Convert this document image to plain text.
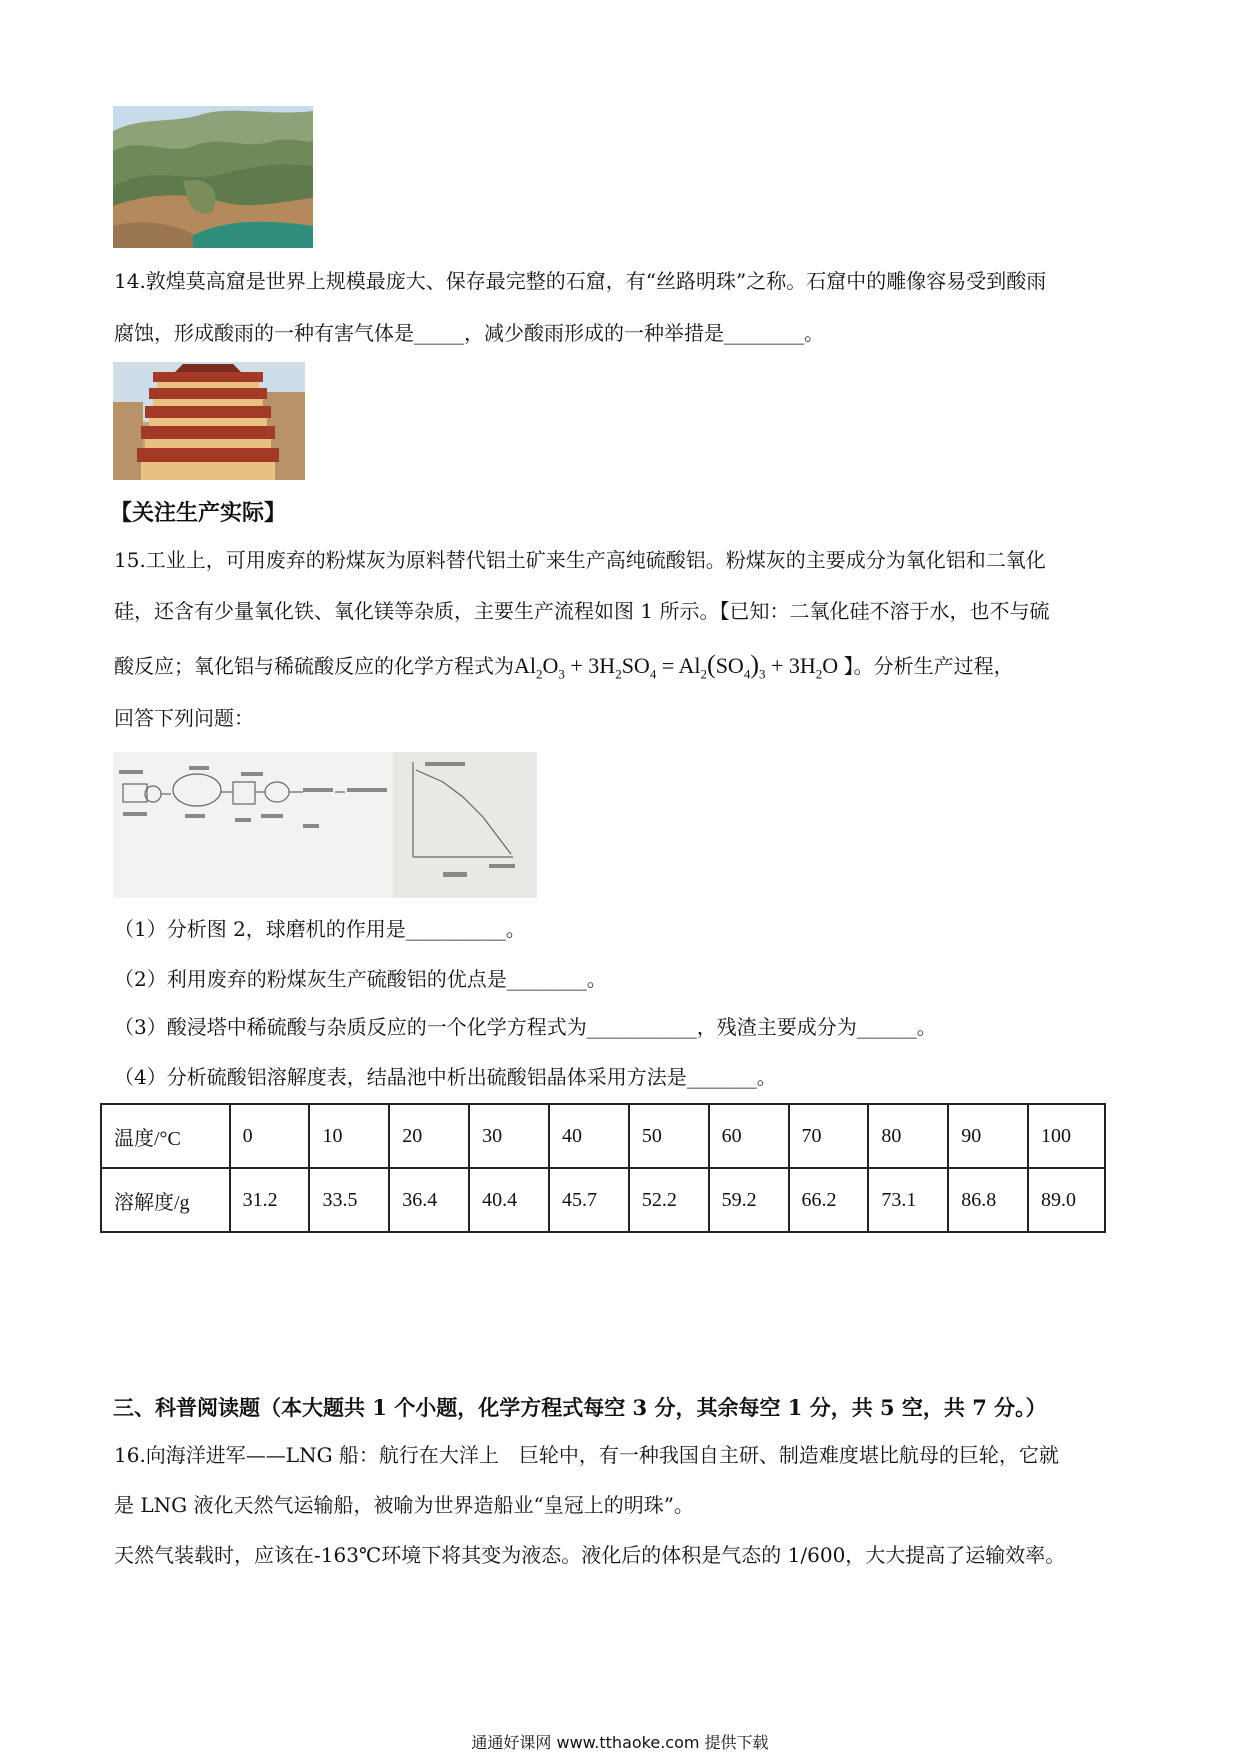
14.敦煌莫高窟是世界上规模最庞大、保存最完整的石窟，有“丝路明珠”之称。石窟中的雕像容易受到酸雨
腐蚀，形成酸雨的一种有害气体是_____，减少酸雨形成的一种举措是________。
【关注生产实际】
15.工业上，可用废弃的粉煤灰为原料替代铝土矿来生产高纯硫酸铝。粉煤灰的主要成分为氧化铝和二氧化
硅，还含有少量氧化铁、氧化镁等杂质，主要生产流程如图 1 所示。【已知：二氧化硅不溶于水，也不与硫
酸反应；氧化铝与稀硫酸反应的化学方程式为$Al_2O_3 + 3H_2SO_4 = Al_2(SO_4)_3 + 3H_2O$ 】。分析生产过程，
回答下列问题：
（1）分析图 2，球磨机的作用是__________。
（2）利用废弃的粉煤灰生产硫酸铝的优点是________。
（3）酸浸塔中稀硫酸与杂质反应的一个化学方程式为___________，残渣主要成分为______。
（4）分析硫酸铝溶解度表，结晶池中析出硫酸铝晶体采用方法是_______。
温度/°C	0	10	20	30	40	50	60	70	80	90	100
溶解度/g	31.2	33.5	36.4	40.4	45.7	52.2	59.2	66.2	73.1	86.8	89.0
三、科普阅读题（本大题共 1 个小题，化学方程式每空 3 分，其余每空 1 分，共 5 空，共 7 分。）
16.向海洋进军——LNG 船：航行在大洋上　巨轮中，有一种我国自主研、制造难度堪比航母的巨轮，它就
是 LNG 液化天然气运输船，被喻为世界造船业“皇冠上的明珠”。
天然气装载时，应该在-163℃环境下将其变为液态。液化后的体积是气态的 1/600，大大提高了运输效率。
通通好课网 www.tthaoke.com 提供下载
